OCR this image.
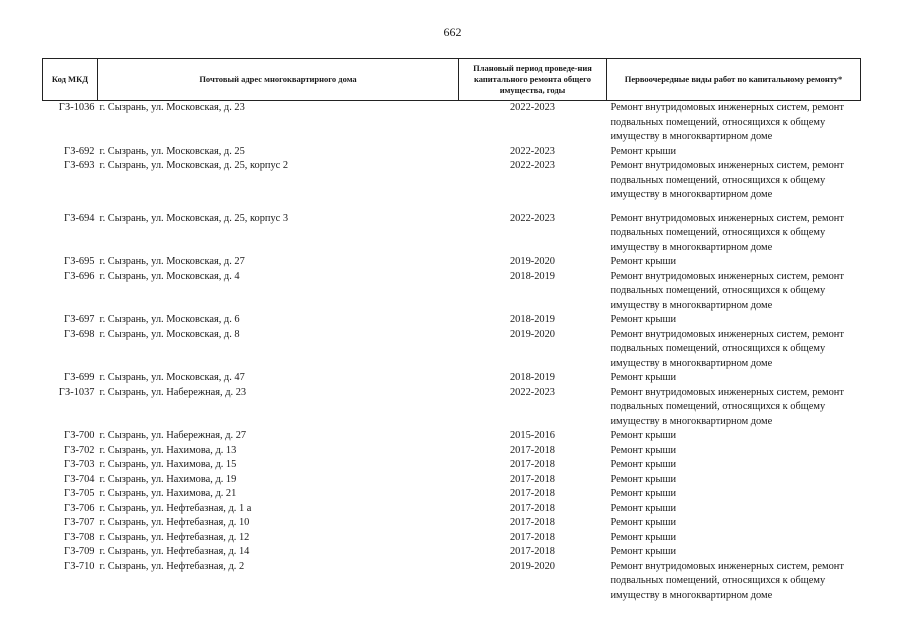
662
Код МКД	Почтовый адрес многоквартирного дома	Плановый период проведе-ния капитального ремонта общего имущества, годы	Первоочередные виды работ по капитальному ремонту*
ГЗ-1036	г. Сызрань, ул. Московская, д. 23	2022-2023	Ремонт внутридомовых инженерных систем, ремонт подвальных помещений, относящихся к общему имуществу в многоквартирном доме
ГЗ-692	г. Сызрань, ул. Московская, д. 25	2022-2023	Ремонт крыши
ГЗ-693	г. Сызрань, ул. Московская, д. 25, корпус 2	2022-2023	Ремонт внутридомовых инженерных систем, ремонт подвальных помещений, относящихся к общему имуществу в многоквартирном доме

ГЗ-694	г. Сызрань, ул. Московская, д. 25, корпус 3	2022-2023	Ремонт внутридомовых инженерных систем, ремонт подвальных помещений, относящихся к общему имуществу в многоквартирном доме
ГЗ-695	г. Сызрань, ул. Московская, д. 27	2019-2020	Ремонт крыши
ГЗ-696	г. Сызрань, ул. Московская, д. 4	2018-2019	Ремонт внутридомовых инженерных систем, ремонт подвальных помещений, относящихся к общему имуществу в многоквартирном доме
ГЗ-697	г. Сызрань, ул. Московская, д. 6	2018-2019	Ремонт крыши
ГЗ-698	г. Сызрань, ул. Московская, д. 8	2019-2020	Ремонт внутридомовых инженерных систем, ремонт подвальных помещений, относящихся к общему имуществу в многоквартирном доме
ГЗ-699	г. Сызрань, ул. Московская, д. 47	2018-2019	Ремонт крыши
ГЗ-1037	г. Сызрань, ул. Набережная, д. 23	2022-2023	Ремонт внутридомовых инженерных систем, ремонт подвальных помещений, относящихся к общему имуществу в многоквартирном доме
ГЗ-700	г. Сызрань, ул. Набережная, д. 27	2015-2016	Ремонт крыши
ГЗ-702	г. Сызрань, ул. Нахимова, д. 13	2017-2018	Ремонт крыши
ГЗ-703	г. Сызрань, ул. Нахимова, д. 15	2017-2018	Ремонт крыши
ГЗ-704	г. Сызрань, ул. Нахимова, д. 19	2017-2018	Ремонт крыши
ГЗ-705	г. Сызрань, ул. Нахимова, д. 21	2017-2018	Ремонт крыши
ГЗ-706	г. Сызрань, ул. Нефтебазная, д. 1 а	2017-2018	Ремонт крыши
ГЗ-707	г. Сызрань, ул. Нефтебазная, д. 10	2017-2018	Ремонт крыши
ГЗ-708	г. Сызрань, ул. Нефтебазная, д. 12	2017-2018	Ремонт крыши
ГЗ-709	г. Сызрань, ул. Нефтебазная, д. 14	2017-2018	Ремонт крыши
ГЗ-710	г. Сызрань, ул. Нефтебазная, д. 2	2019-2020	Ремонт внутридомовых инженерных систем, ремонт подвальных помещений, относящихся к общему имуществу в многоквартирном доме
